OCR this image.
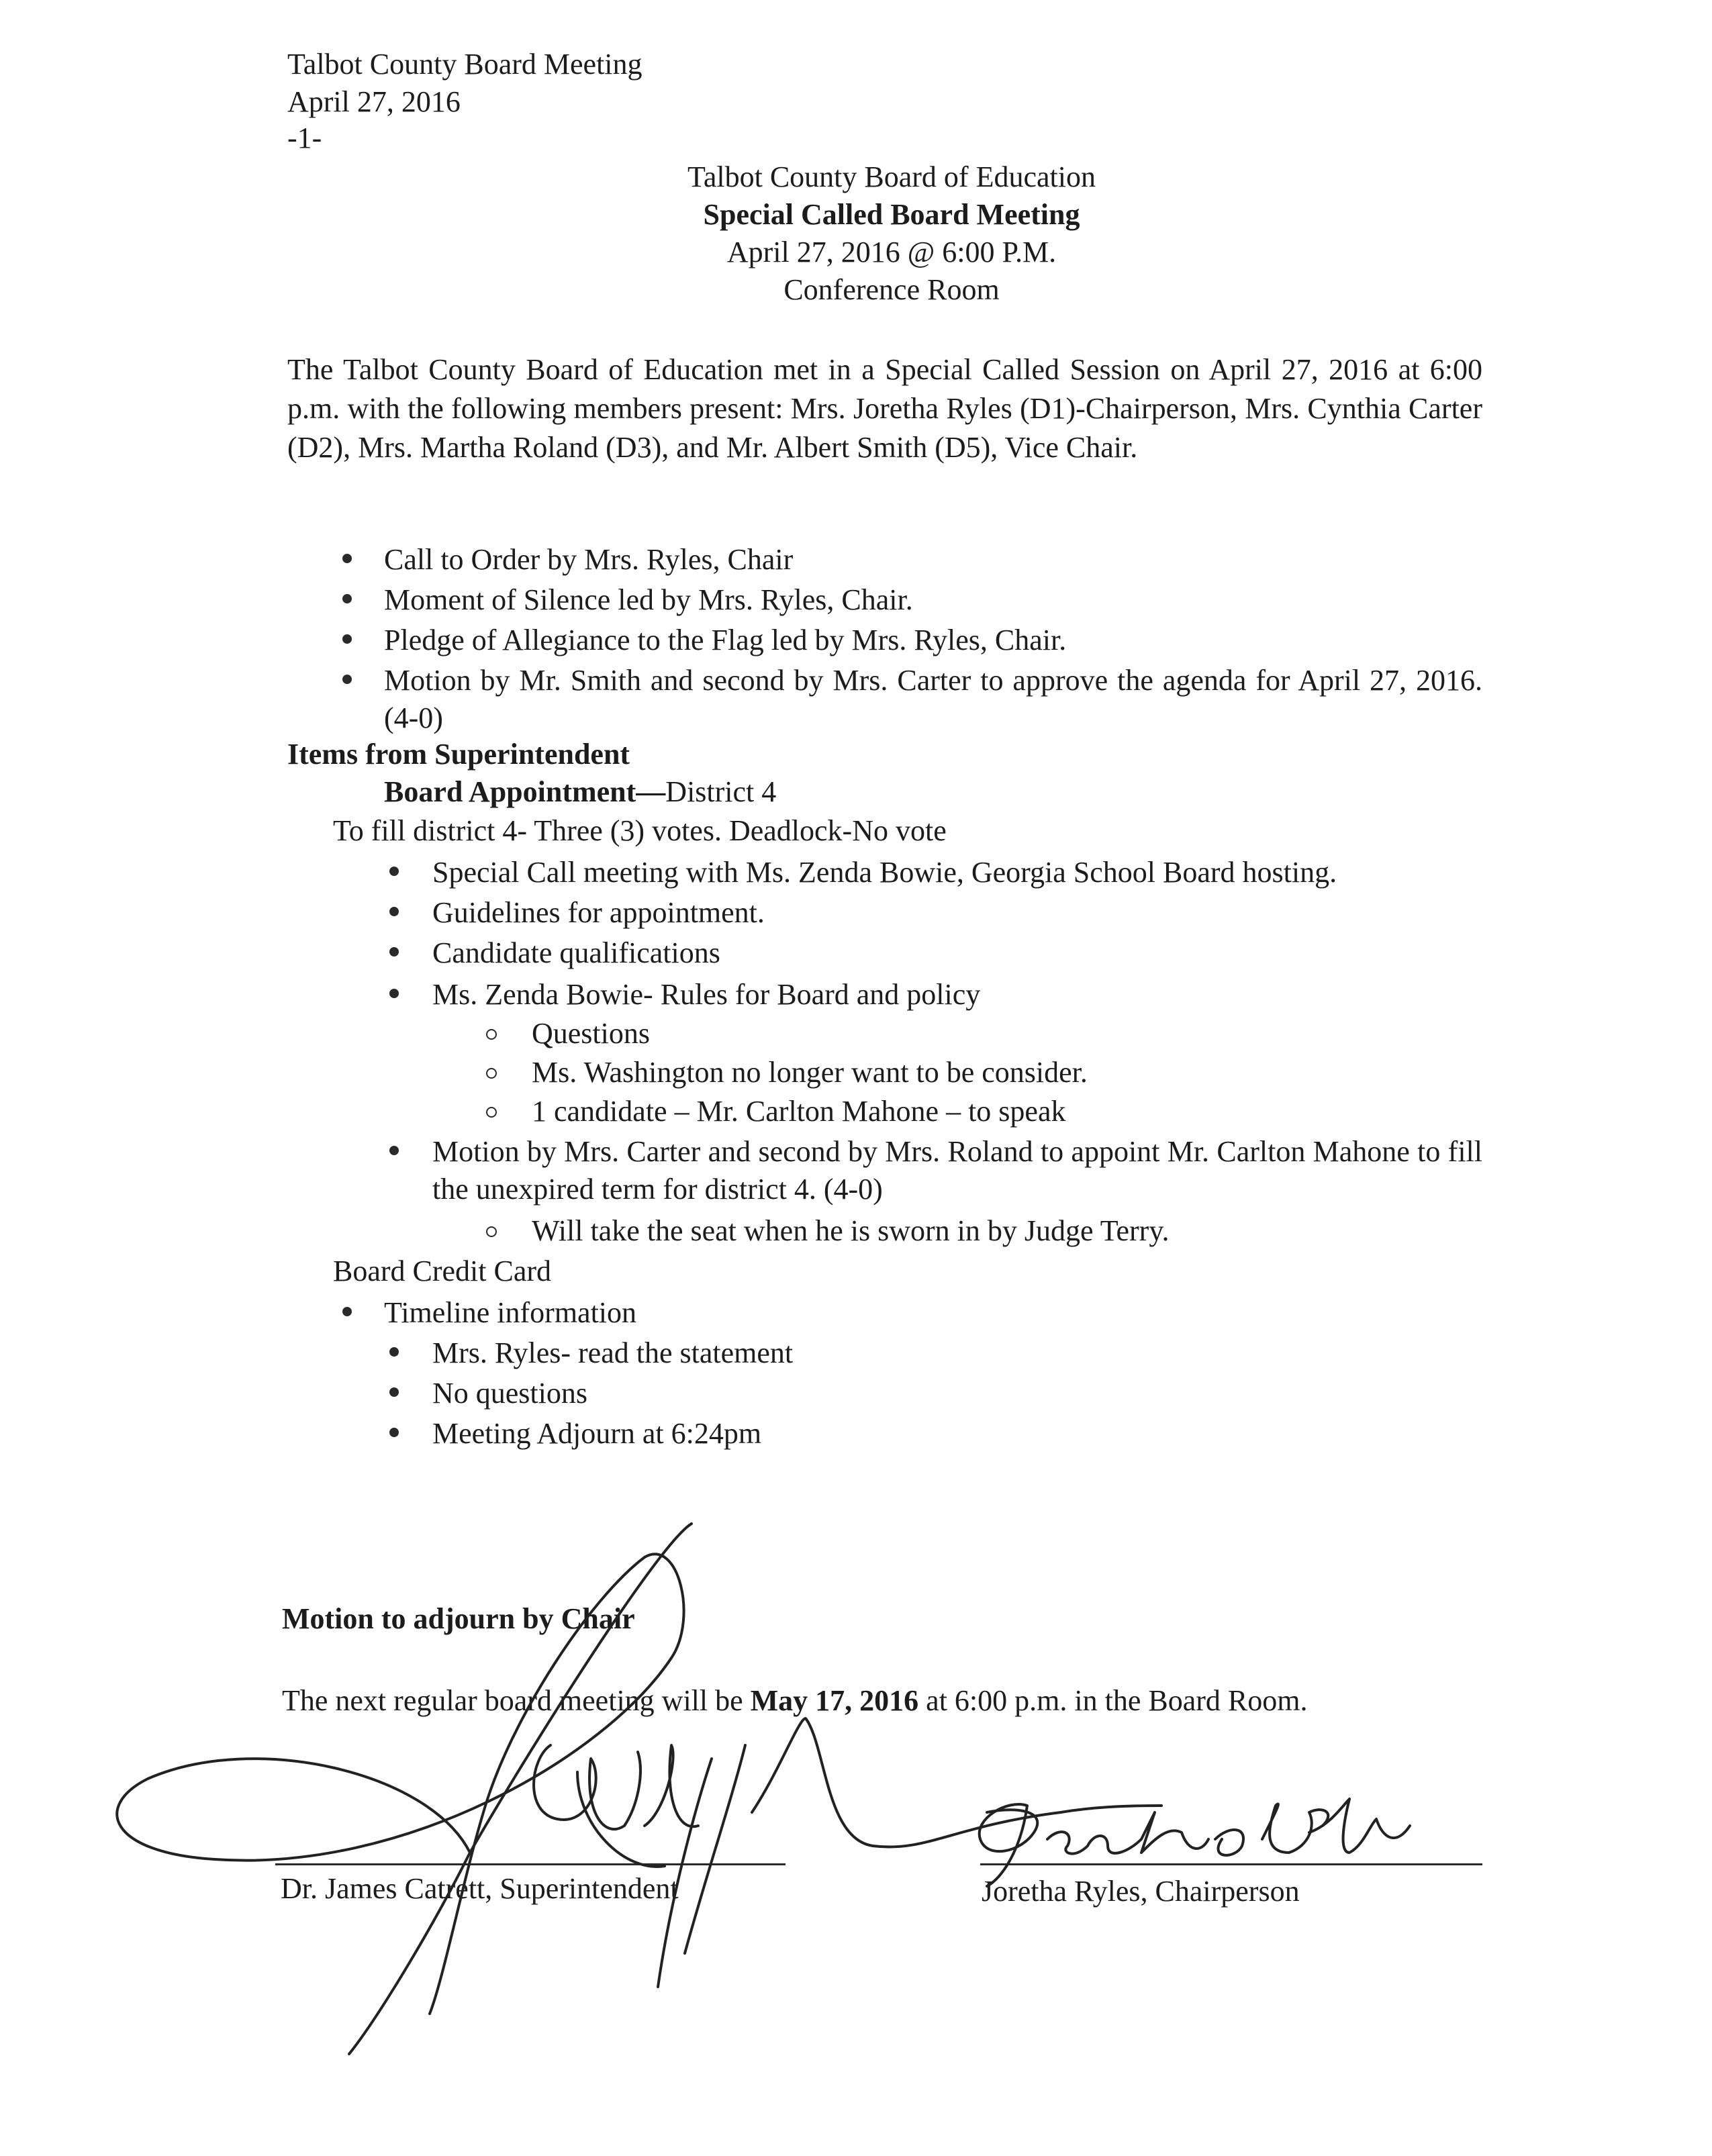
Talbot County Board Meeting
April 27, 2016
-1-
Talbot County Board of Education
Special Called Board Meeting
April 27, 2016 @ 6:00 P.M.
Conference Room
The Talbot County Board of Education met in a Special Called Session on April 27, 2016 at 6:00 p.m. with the following members present: Mrs. Joretha Ryles (D1)-Chairperson, Mrs. Cynthia Carter (D2), Mrs. Martha Roland (D3), and Mr. Albert Smith (D5), Vice Chair.
Call to Order by Mrs. Ryles, Chair
Moment of Silence led by Mrs. Ryles, Chair.
Pledge of Allegiance to the Flag led by Mrs. Ryles, Chair.
Motion by Mr. Smith and second by Mrs. Carter to approve the agenda for April 27, 2016.(4-0)
Items from Superintendent
Board Appointment—District 4
To fill district 4- Three (3) votes. Deadlock-No vote
Special Call meeting with Ms. Zenda Bowie, Georgia School Board hosting.
Guidelines for appointment.
Candidate qualifications
Ms. Zenda Bowie- Rules for Board and policy
Questions
Ms. Washington no longer want to be consider.
1 candidate – Mr. Carlton Mahone – to speak
Motion by Mrs. Carter and second by Mrs. Roland to appoint Mr. Carlton Mahone to fill the unexpired term for district 4. (4-0)
Will take the seat when he is sworn in by Judge Terry.
Board Credit Card
Timeline information
Mrs. Ryles- read the statement
No questions
Meeting Adjourn at 6:24pm
Motion to adjourn by Chair
The next regular board meeting will be May 17, 2016 at 6:00 p.m. in the Board Room.
Dr. James Catrett, Superintendent	Joretha Ryles, Chairperson
